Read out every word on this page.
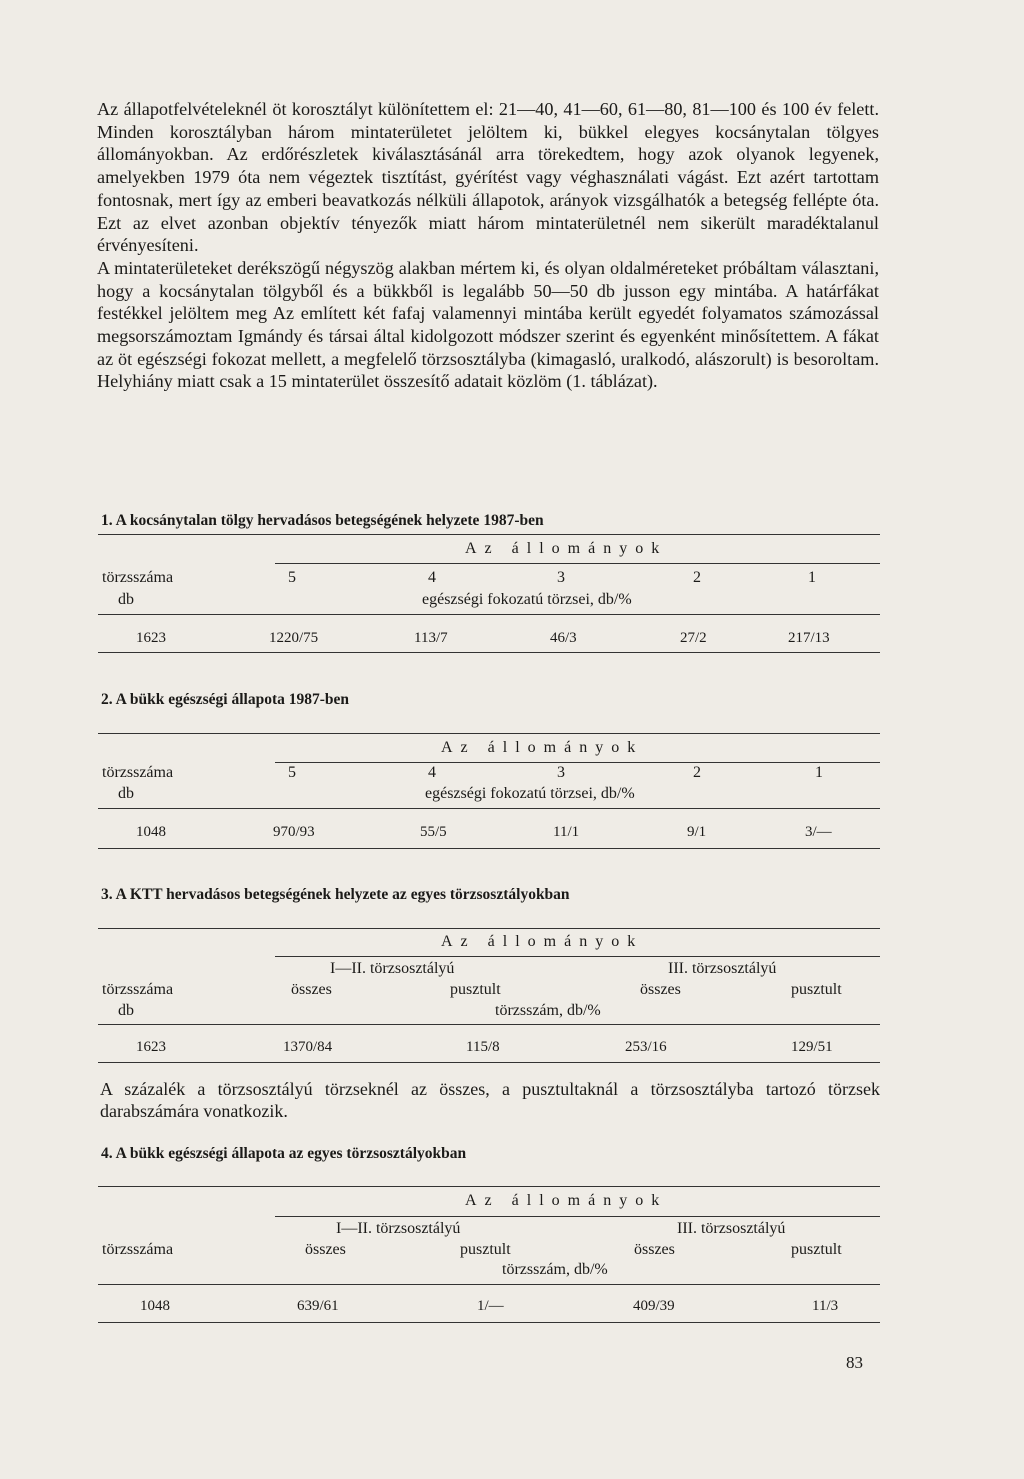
Az állapotfelvételeknél öt korosztályt különítettem el: 21—40, 41—60, 61—80, 81—100 és 100 év felett. Minden korosztályban három mintaterületet jelöltem ki, bükkel elegyes kocsánytalan tölgyes állományokban. Az erdőrészletek kiválasztásánál arra törekedtem, hogy azok olyanok legyenek, amelyekben 1979 óta nem végeztek tisztítást, gyérítést vagy véghasználati vágást. Ezt azért tartottam fontosnak, mert így az emberi beavatkozás nélküli állapotok, arányok vizsgálhatók a betegség fellépte óta. Ezt az elvet azonban objektív tényezők miatt három mintaterületnél nem sikerült maradéktalanul érvényesíteni.

A mintaterületeket derékszögű négyszög alakban mértem ki, és olyan oldalméreteket próbáltam választani, hogy a kocsánytalan tölgyből és a bükkből is legalább 50—50 db jusson egy mintába. A határfákat festékkel jelöltem meg Az említett két fafaj valamennyi mintába került egyedét folyamatos számozással megsorszámoztam Igmándy és társai által kidolgozott módszer szerint és egyenként minősítettem. A fákat az öt egészségi fokozat mellett, a megfelelő törzsosztályba (kimagasló, uralkodó, alászorult) is besoroltam. Helyhiány miatt csak a 15 mintaterület összesítő adatait közlöm (1. táblázat).

1. A kocsánytalan tölgy hervadásos betegségének helyzete 1987-ben
Az állományok
törzsszáma	5	4	3	2	1
db	egészségi fokozatú törzsei, db/%
1623	1220/75	113/7	46/3	27/2	217/13
2. A bükk egészségi állapota 1987-ben
Az állományok
törzsszáma	5	4	3	2	1
db	egészségi fokozatú törzsei, db/%
1048	970/93	55/5	11/1	9/1	3/—
3. A KTT hervadásos betegségének helyzete az egyes törzsosztályokban
Az állományok
I—II. törzsosztályú	III. törzsosztályú
törzsszáma	összes	pusztult	összes	pusztult
db	törzsszám, db/%
1623	1370/84	115/8	253/16	129/51

A százalék a törzsosztályú törzseknél az összes, a pusztultaknál a törzsosztályba tartozó törzsek darabszámára vonatkozik.

4. A bükk egészségi állapota az egyes törzsosztályokban
Az állományok
I—II. törzsosztályú	III. törzsosztályú
törzsszáma	összes	pusztult	összes	pusztult
törzsszám, db/%
1048	639/61	1/—	409/39	11/3
83
